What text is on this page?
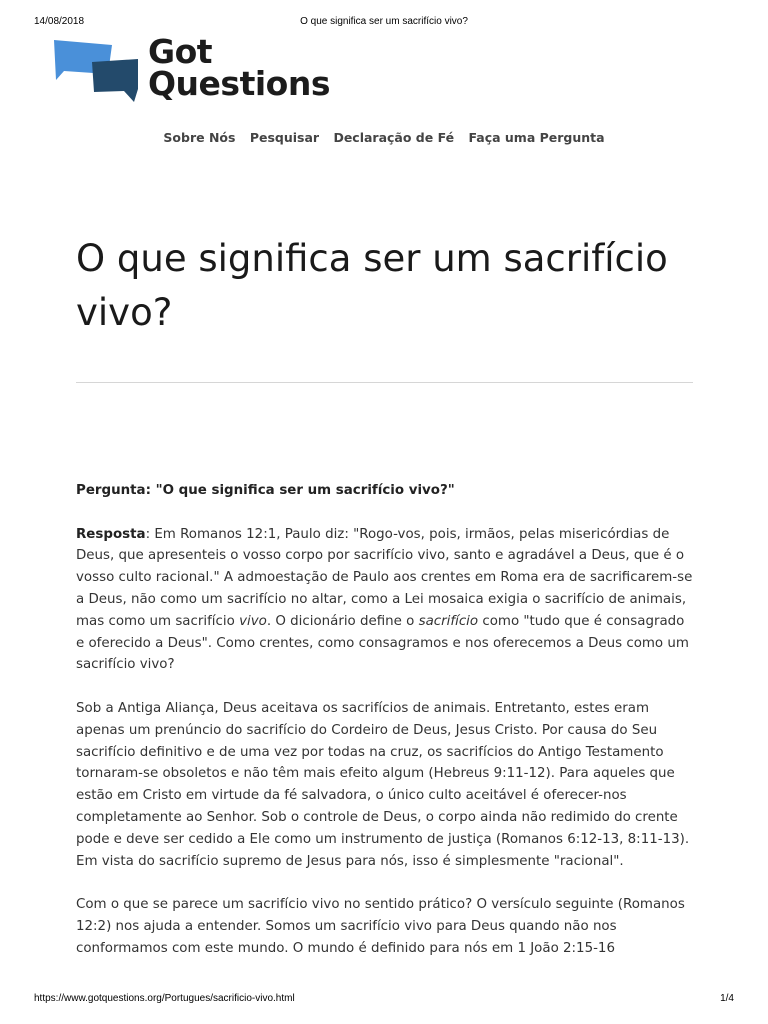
14/08/2018	O que significa ser um sacrifício vivo?
Got
Questions
Sobre Nós Pesquisar Declaração de Fé Faça uma Pergunta
O que significa ser um sacrifício vivo?

Pergunta: "O que significa ser um sacrifício vivo?"

Resposta: Em Romanos 12:1, Paulo diz: "Rogo-vos, pois, irmãos, pelas misericórdias de Deus, que apresenteis o vosso corpo por sacrifício vivo, santo e agradável a Deus, que é o vosso culto racional." A admoestação de Paulo aos crentes em Roma era de sacrificarem-se a Deus, não como um sacrifício no altar, como a Lei mosaica exigia o sacrifício de animais, mas como um sacrifício vivo. O dicionário define o sacrifício como "tudo que é consagrado e oferecido a Deus". Como crentes, como consagramos e nos oferecemos a Deus como um sacrifício vivo?

Sob a Antiga Aliança, Deus aceitava os sacrifícios de animais. Entretanto, estes eram apenas um prenúncio do sacrifício do Cordeiro de Deus, Jesus Cristo. Por causa do Seu sacrifício definitivo e de uma vez por todas na cruz, os sacrifícios do Antigo Testamento tornaram-se obsoletos e não têm mais efeito algum (Hebreus 9:11-12). Para aqueles que estão em Cristo em virtude da fé salvadora, o único culto aceitável é oferecer-nos completamente ao Senhor. Sob o controle de Deus, o corpo ainda não redimido do crente pode e deve ser cedido a Ele como um instrumento de justiça (Romanos 6:12-13, 8:11-13). Em vista do sacrifício supremo de Jesus para nós, isso é simplesmente "racional".

Com o que se parece um sacrifício vivo no sentido prático? O versículo seguinte (Romanos 12:2) nos ajuda a entender. Somos um sacrifício vivo para Deus quando não nos conformamos com este mundo. O mundo é definido para nós em 1 João 2:15-16

https://www.gotquestions.org/Portugues/sacrificio-vivo.html	1/4
